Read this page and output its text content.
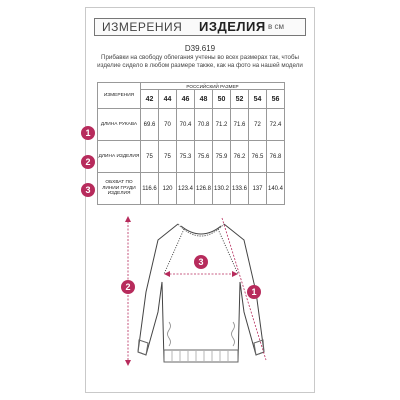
ИЗМЕРЕНИЯ ИЗДЕЛИЯ в см
D39.619
Прибавки на свободу облегания учтены во всех размерах так, чтобы изделие сидело в любом размере также, как на фото на нашей модели
ИЗМЕРЕНИЯ	РОССИЙСКИЙ РАЗМЕР							
	42	44	46	48	50	52	54	56
ДЛИНА РУКАВА	69.6	70	70.4	70.8	71.2	71.6	72	72.4
ДЛИНА ИЗДЕЛИЯ	75	75	75.3	75.6	75.9	76.2	76.5	76.8
ОБХВАТ ПО ЛИНИИ ГРУДИ ИЗДЕЛИЯ	116.6	120	123.4	126.8	130.2	133.6	137	140.4
1
2
3
1
2
3
